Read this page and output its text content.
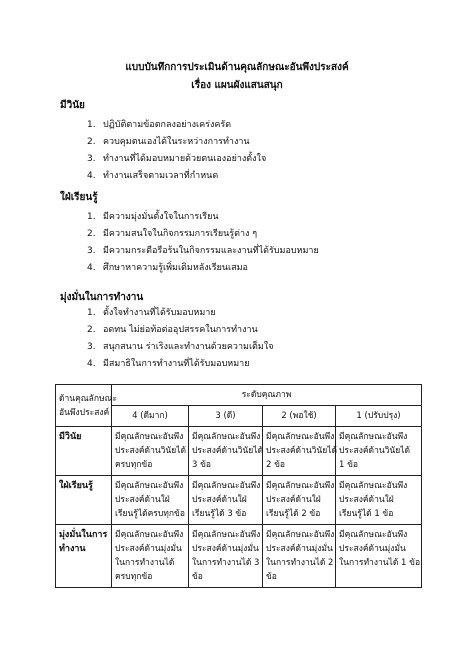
แบบบันทึกการประเมินด้านคุณลักษณะอันพึงประสงค์
เรื่อง แผนผังแสนสนุก
มีวินัย
1. ปฏิบัติตามข้อตกลงอย่างเคร่งครัด
2. ควบคุมตนเองได้ในระหว่างการทำงาน
3. ทำงานที่ได้มอบหมายด้วยตนเองอย่างตั้งใจ
4. ทำงานเสร็จตามเวลาที่กำหนด
ใฝ่เรียนรู้
1. มีความมุ่งมั่นตั้งใจในการเรียน
2. มีความสนใจในกิจกรรมการเรียนรู้ต่าง ๆ
3. มีความกระตือรือร้นในกิจกรรมและงานที่ได้รับมอบหมาย
4. ศึกษาหาความรู้เพิ่มเติมหลังเรียนเสมอ
มุ่งมั่นในการทำงาน
1. ตั้งใจทำงานที่ได้รับมอบหมาย
2. อดทน ไม่ย่อท้อต่ออุปสรรคในการทำงาน
3. สนุกสนาน ร่าเริงและทำงานด้วยความเต็มใจ
4. มีสมาธิในการทำงานที่ได้รับมอบหมาย
ด้านคุณลักษณะ
อันพึงประสงค์	ระดับคุณภาพ			
	4 (ดีมาก)	3 (ดี)	2 (พอใช้)	1 (ปรับปรุง)
มีวินัย	มีคุณลักษณะอันพึง
ประสงค์ด้านวินัยได้
ครบทุกข้อ	มีคุณลักษณะอันพึง
ประสงค์ด้านวินัยได้
3 ข้อ	มีคุณลักษณะอันพึง
ประสงค์ด้านวินัยได้
2 ข้อ	มีคุณลักษณะอันพึง
ประสงค์ด้านวินัยได้
1 ข้อ

ใฝ่เรียนรู้	มีคุณลักษณะอันพึง
ประสงค์ด้านใฝ่
เรียนรู้ได้ครบทุกข้อ	มีคุณลักษณะอันพึง
ประสงค์ด้านใฝ่
เรียนรู้ได้ 3 ข้อ	มีคุณลักษณะอันพึง
ประสงค์ด้านใฝ่
เรียนรู้ได้ 2 ข้อ	มีคุณลักษณะอันพึง
ประสงค์ด้านใฝ่
เรียนรู้ได้ 1 ข้อ

มุ่งมั่นในการทำงาน	มีคุณลักษณะอันพึง
ประสงค์ด้านมุ่งมั่น
ในการทำงานได้
ครบทุกข้อ	มีคุณลักษณะอันพึง
ประสงค์ด้านมุ่งมั่น
ในการทำงานได้ 3
ข้อ	มีคุณลักษณะอันพึง
ประสงค์ด้านมุ่งมั่น
ในการทำงานได้ 2
ข้อ	มีคุณลักษณะอันพึง
ประสงค์ด้านมุ่งมั่น
ในการทำงานได้ 1 ข้อ
